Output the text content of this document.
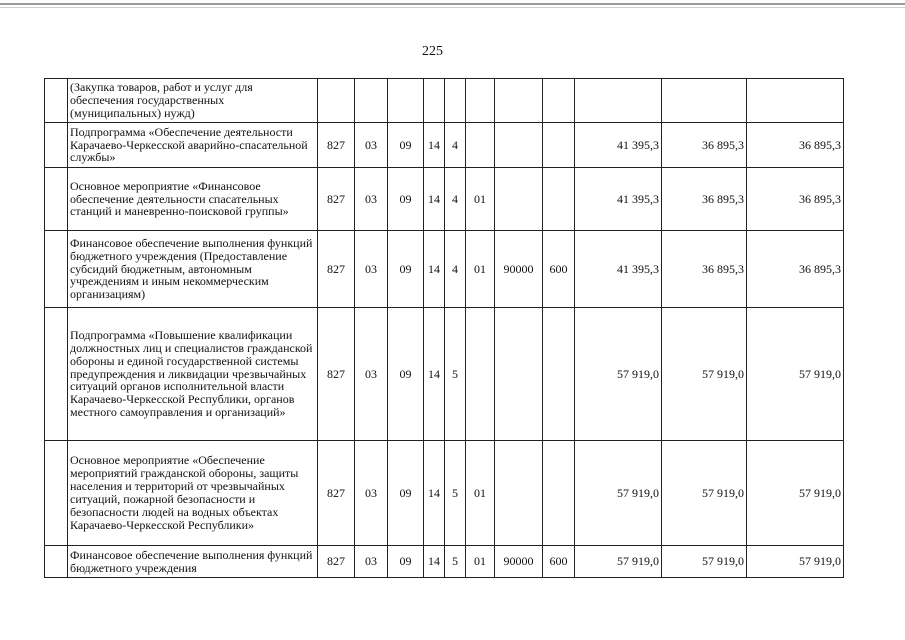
225
	(Закупка товаров, работ и услуг для обеспечения государственных (муниципальных) нужд)											
	Подпрограмма «Обеспечение деятельности Карачаево-Черкесской аварийно-спасательной службы»	827	03	09	14	4				41 395,3	36 895,3	36 895,3
	Основное мероприятие «Финансовое обеспечение деятельности спасательных станций и маневренно-поисковой группы»	827	03	09	14	4	01			41 395,3	36 895,3	36 895,3
	Финансовое обеспечение выполнения функций бюджетного учреждения (Предоставление субсидий бюджетным, автономным учреждениям и иным некоммерческим организациям)	827	03	09	14	4	01	90000	600	41 395,3	36 895,3	36 895,3
	Подпрограмма «Повышение квалификации должностных лиц и специалистов гражданской обороны и единой государственной системы предупреждения и ликвидации чрезвычайных ситуаций органов исполнительной власти Карачаево-Черкесской Республики, органов местного самоуправления и организаций»	827	03	09	14	5				57 919,0	57 919,0	57 919,0
	Основное мероприятие «Обеспечение мероприятий гражданской обороны, защиты населения и территорий от чрезвычайных ситуаций, пожарной безопасности и безопасности людей на водных объектах Карачаево-Черкесской Республики»	827	03	09	14	5	01			57 919,0	57 919,0	57 919,0
	Финансовое обеспечение выполнения функций бюджетного учреждения	827	03	09	14	5	01	90000	600	57 919,0	57 919,0	57 919,0
